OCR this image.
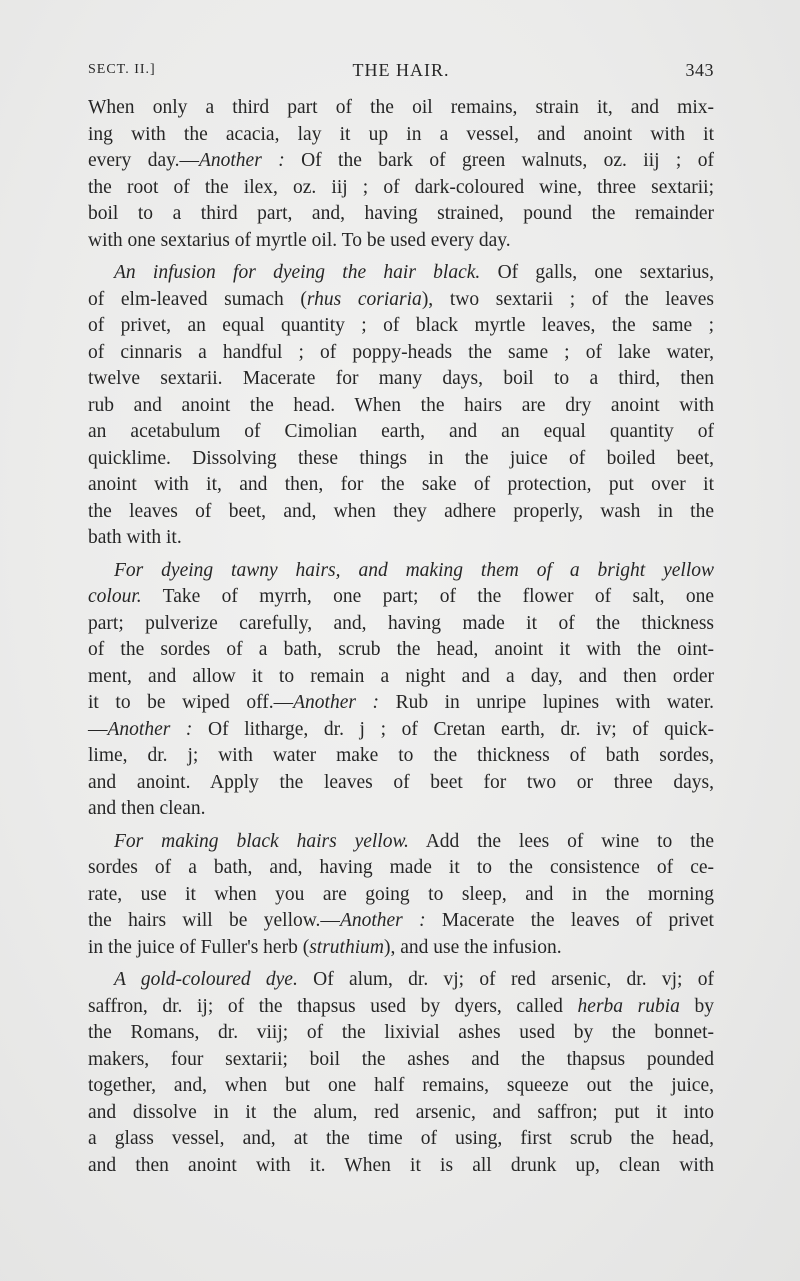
SECT. II.]	THE HAIR.	343
When only a third part of the oil remains, strain it, and mix-
ing with the acacia, lay it up in a vessel, and anoint with it
every day.—Another : Of the bark of green walnuts, oz. iij ; of
the root of the ilex, oz. iij ; of dark-coloured wine, three sextarii;
boil to a third part, and, having strained, pound the remainder
with one sextarius of myrtle oil. To be used every day.
An infusion for dyeing the hair black. Of galls, one sextarius,
of elm-leaved sumach (rhus coriaria), two sextarii ; of the leaves
of privet, an equal quantity ; of black myrtle leaves, the same ;
of cinnaris a handful ; of poppy-heads the same ; of lake water,
twelve sextarii. Macerate for many days, boil to a third, then
rub and anoint the head. When the hairs are dry anoint with
an acetabulum of Cimolian earth, and an equal quantity of
quicklime. Dissolving these things in the juice of boiled beet,
anoint with it, and then, for the sake of protection, put over it
the leaves of beet, and, when they adhere properly, wash in the
bath with it.
For dyeing tawny hairs, and making them of a bright yellow
colour. Take of myrrh, one part; of the flower of salt, one
part; pulverize carefully, and, having made it of the thickness
of the sordes of a bath, scrub the head, anoint it with the oint-
ment, and allow it to remain a night and a day, and then order
it to be wiped off.—Another : Rub in unripe lupines with water.
—Another : Of litharge, dr. j ; of Cretan earth, dr. iv; of quick-
lime, dr. j; with water make to the thickness of bath sordes,
and anoint. Apply the leaves of beet for two or three days,
and then clean.
For making black hairs yellow. Add the lees of wine to the
sordes of a bath, and, having made it to the consistence of ce-
rate, use it when you are going to sleep, and in the morning
the hairs will be yellow.—Another : Macerate the leaves of privet
in the juice of Fuller's herb (struthium), and use the infusion.
A gold-coloured dye. Of alum, dr. vj; of red arsenic, dr. vj; of
saffron, dr. ij; of the thapsus used by dyers, called herba rubia by
the Romans, dr. viij; of the lixivial ashes used by the bonnet-
makers, four sextarii; boil the ashes and the thapsus pounded
together, and, when but one half remains, squeeze out the juice,
and dissolve in it the alum, red arsenic, and saffron; put it into
a glass vessel, and, at the time of using, first scrub the head,
and then anoint with it. When it is all drunk up, clean with
